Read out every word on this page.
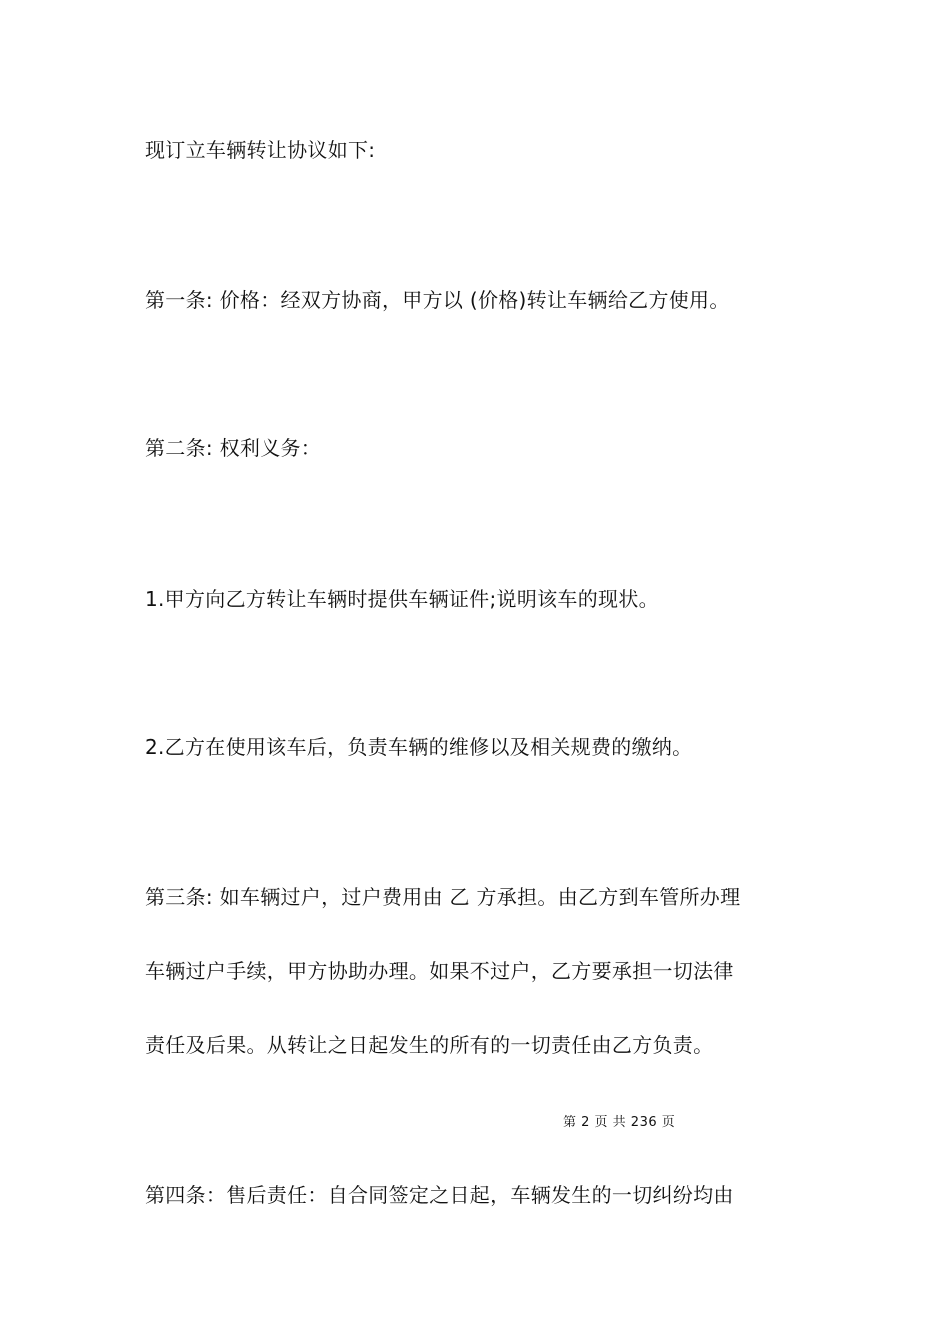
现订立车辆转让协议如下:

第一条: 价格：经双方协商，甲方以 (价格)转让车辆给乙方使用。

第二条: 权利义务：

1.甲方向乙方转让车辆时提供车辆证件;说明该车的现状。

2.乙方在使用该车后，负责车辆的维修以及相关规费的缴纳。

第三条: 如车辆过户，过户费用由 乙 方承担。由乙方到车管所办理

车辆过户手续，甲方协助办理。如果不过户，乙方要承担一切法律

责任及后果。从转让之日起发生的所有的一切责任由乙方负责。

第 2 页 共 236 页

第四条：售后责任：自合同签定之日起，车辆发生的一切纠纷均由
